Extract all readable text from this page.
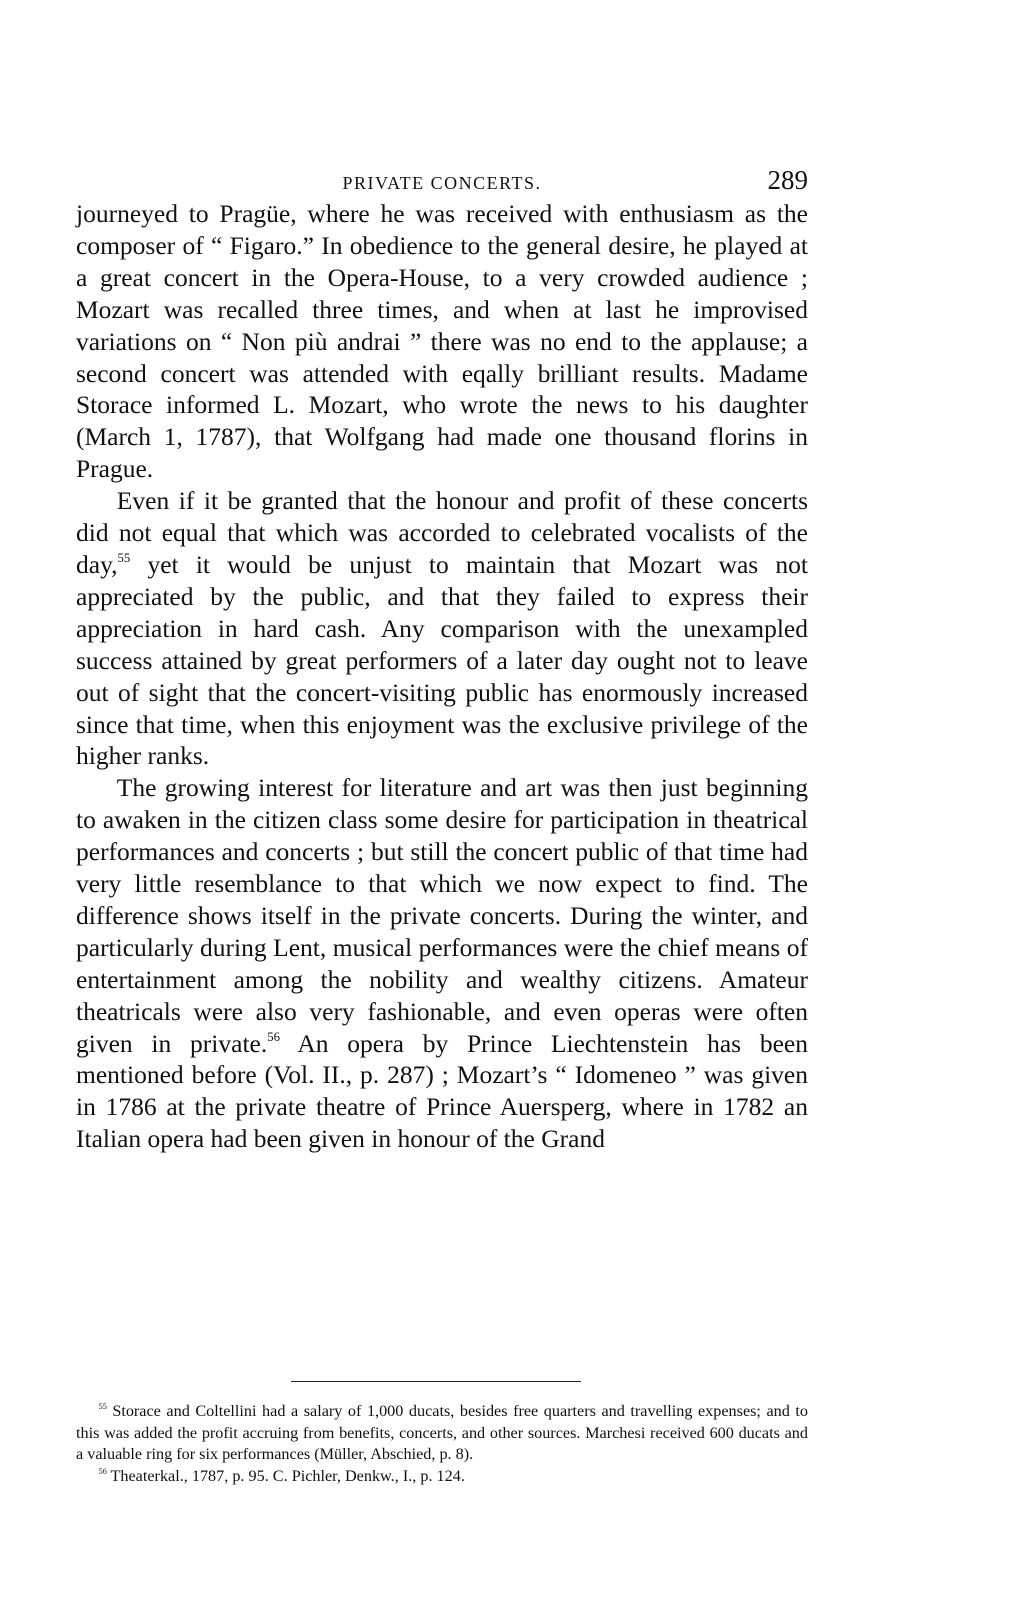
PRIVATE CONCERTS.	289

journeyed to Pragüe, where he was received with enthusiasm as the composer of “ Figaro.” In obedience to the general desire, he played at a great concert in the Opera-House, to a very crowded audience ; Mozart was recalled three times, and when at last he improvised variations on “ Non più andrai ” there was no end to the applause; a second concert was attended with eqally brilliant results. Madame Storace informed L. Mozart, who wrote the news to his daughter (March 1, 1787), that Wolfgang had made one thousand florins in Prague.

Even if it be granted that the honour and profit of these concerts did not equal that which was accorded to celebrated vocalists of the day,$^{55}$ yet it would be unjust to maintain that Mozart was not appreciated by the public, and that they failed to express their appreciation in hard cash. Any comparison with the unexampled success attained by great performers of a later day ought not to leave out of sight that the concert-visiting public has enormously increased since that time, when this enjoyment was the exclusive privilege of the higher ranks.

The growing interest for literature and art was then just beginning to awaken in the citizen class some desire for participation in theatrical performances and concerts ; but still the concert public of that time had very little resemblance to that which we now expect to find. The difference shows itself in the private concerts. During the winter, and particularly during Lent, musical performances were the chief means of entertainment among the nobility and wealthy citizens. Amateur theatricals were also very fashionable, and even operas were often given in private.$^{56}$ An opera by Prince Liechtenstein has been mentioned before (Vol. II., p. 287) ; Mozart’s “ Idomeneo ” was given in 1786 at the private theatre of Prince Auersperg, where in 1782 an Italian opera had been given in honour of the Grand

$^{55}$ Storace and Coltellini had a salary of 1,000 ducats, besides free quarters and travelling expenses; and to this was added the profit accruing from benefits, concerts, and other sources. Marchesi received 600 ducats and a valuable ring for six performances (Müller, Abschied, p. 8).

$^{56}$ Theaterkal., 1787, p. 95. C. Pichler, Denkw., I., p. 124.
